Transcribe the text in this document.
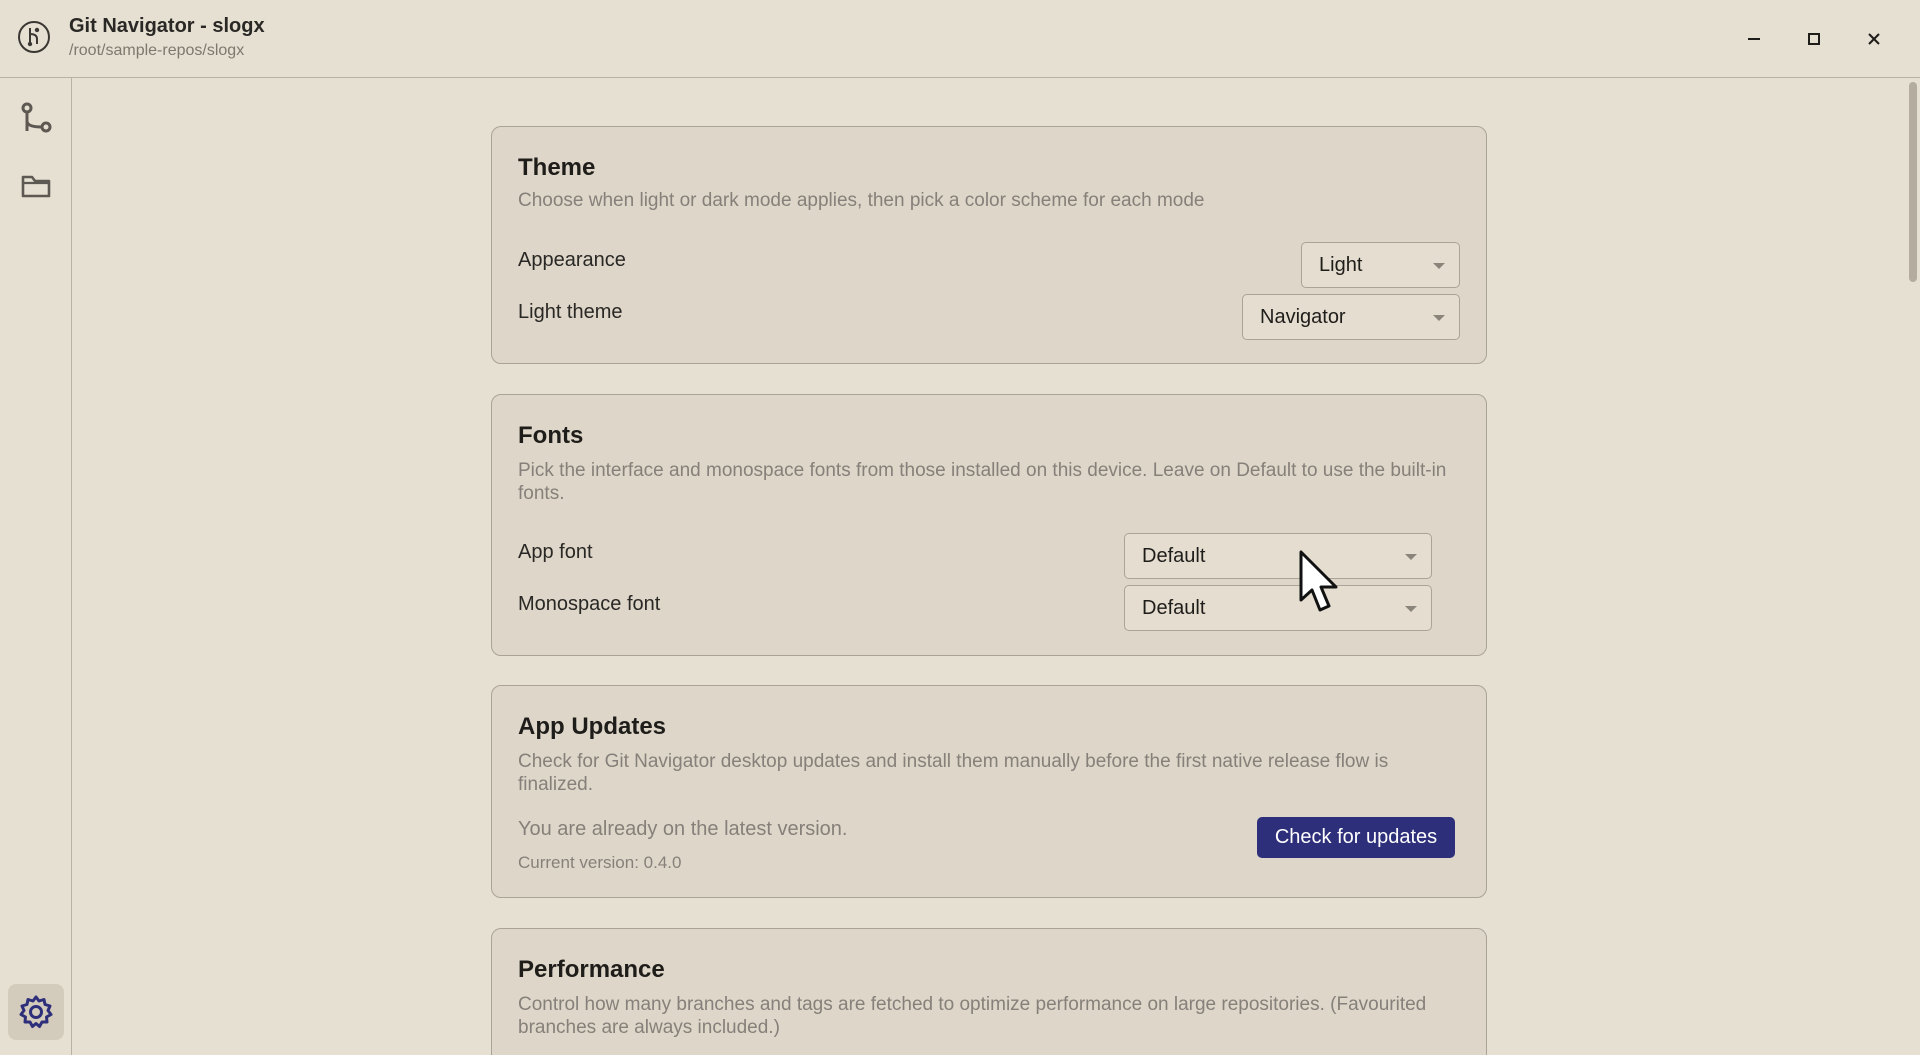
Git Navigator - slogx
/root/sample-repos/slogx
Theme
Choose when light or dark mode applies, then pick a color scheme for each mode
Appearance	Light
Light theme	Navigator
Fonts
Pick the interface and monospace fonts from those installed on this device. Leave on Default to use the built-in fonts.
App font	Default
Monospace font	Default
App Updates
Check for Git Navigator desktop updates and install them manually before the first native release flow is finalized.
You are already on the latest version.
Current version: 0.4.0
Check for updates
Performance
Control how many branches and tags are fetched to optimize performance on large repositories. (Favourited branches are always included.)
